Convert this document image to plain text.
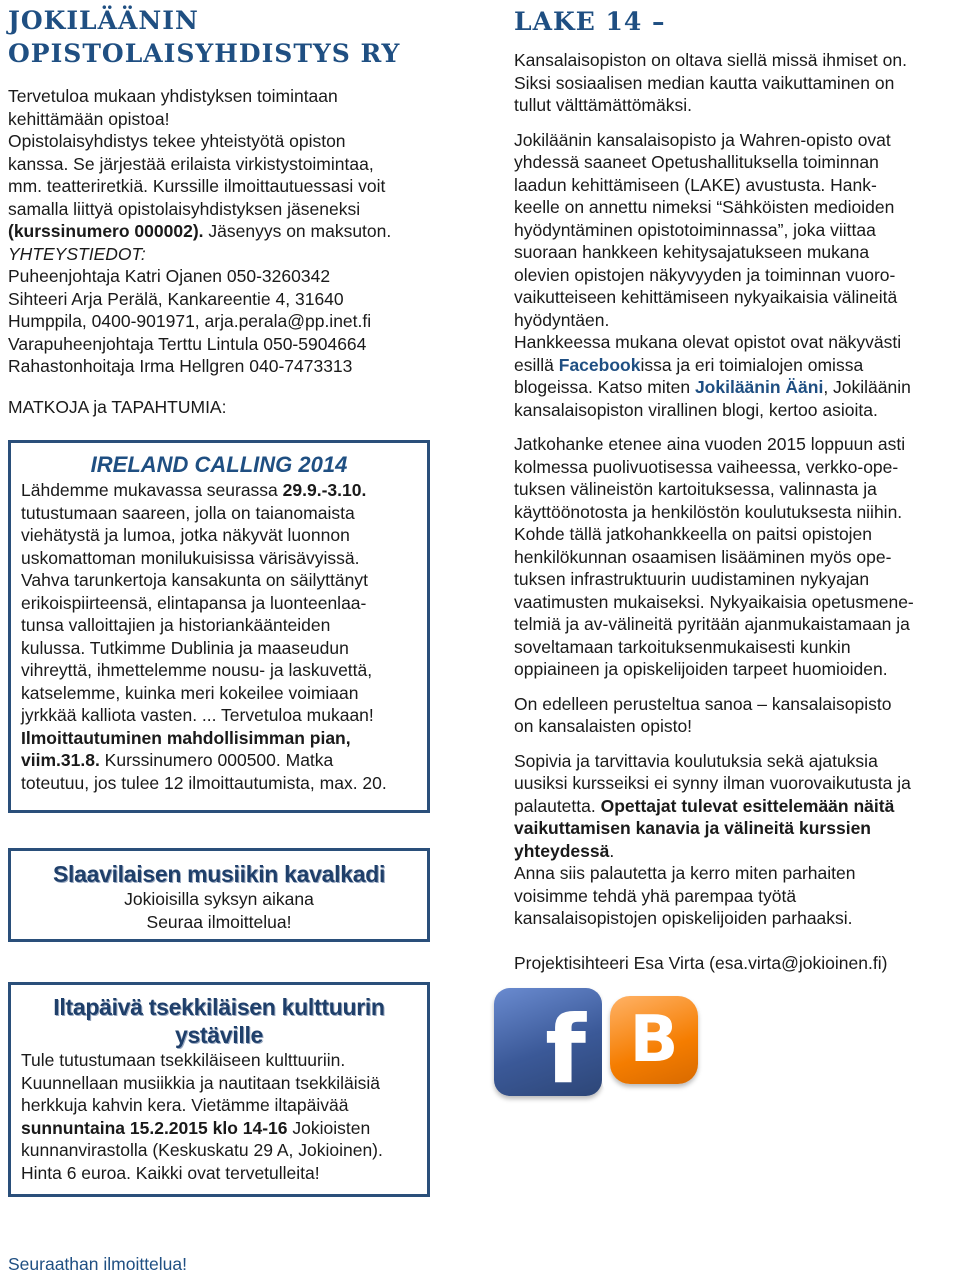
JOKILÄÄNIN
OPISTOLAISYHDISTYS RY

Tervetuloa mukaan yhdistyksen toimintaan

kehittämään opistoa!

Opistolaisyhdistys tekee yhteistyötä opiston

kanssa. Se järjestää erilaista virkistystoimintaa,

mm. teatteriretkiä. Kurssille ilmoittautuessasi voit

samalla liittyä opistolaisyhdistyksen jäseneksi

(kurssinumero 000002). Jäsenyys on maksuton.

YHTEYSTIEDOT:

Puheenjohtaja Katri Ojanen 050-3260342

Sihteeri Arja Perälä, Kankareentie 4, 31640

Humppila, 0400-901971, arja.perala@pp.inet.fi

Varapuheenjohtaja Terttu Lintula 050-5904664

Rahastonhoitaja Irma Hellgren 040-7473313

MATKOJA ja TAPAHTUMIA:

IRELAND CALLING 2014

Lähdemme mukavassa seurassa 29.9.-3.10.

tutustumaan saareen, jolla on taianomaista

viehätystä ja lumoa, jotka näkyvät luonnon

uskomattoman monilukuisissa värisävyissä.

Vahva tarunkertoja kansakunta on säilyttänyt

erikoispiirteensä, elintapansa ja luonteenlaa-

tunsa valloittajien ja historiankäänteiden

kulussa. Tutkimme Dublinia ja maaseudun

vihreyttä, ihmettelemme nousu- ja laskuvettä,

katselemme, kuinka meri kokeilee voimiaan

jyrkkää kalliota vasten. ... Tervetuloa mukaan!

Ilmoittautuminen mahdollisimman pian,

viim.31.8. Kurssinumero 000500. Matka

toteutuu, jos tulee 12 ilmoittautumista, max. 20.

Slaavilaisen musiikin kavalkadi

Jokioisilla syksyn aikana

Seuraa ilmoittelua!

Iltapäivä tsekkiläisen kulttuurin
ystäville

Tule tutustumaan tsekkiläiseen kulttuuriin.

Kuunnellaan musiikkia ja nautitaan tsekkiläisiä

herkkuja kahvin kera. Vietämme iltapäivää

sunnuntaina 15.2.2015 klo 14-16 Jokioisten

kunnanvirastolla (Keskuskatu 29 A, Jokioinen).

Hinta 6 euroa. Kaikki ovat tervetulleita!

Seuraathan ilmoittelua!
LAKE 14 –

Kansalaisopiston on oltava siellä missä ihmiset on.

Siksi sosiaalisen median kautta vaikuttaminen on

tullut välttämättömäksi.

Jokiläänin kansalaisopisto ja Wahren-opisto ovat

yhdessä saaneet Opetushallituksella toiminnan

laadun kehittämiseen (LAKE) avustusta. Hank-

keelle on annettu nimeksi “Sähköisten medioiden

hyödyntäminen opistotoiminnassa”, joka viittaa

suoraan hankkeen kehitysajatukseen mukana

olevien opistojen näkyvyyden ja toiminnan vuoro-

vaikutteiseen kehittämiseen nykyaikaisia välineitä

hyödyntäen.

Hankkeessa mukana olevat opistot ovat näkyvästi

esillä Facebookissa ja eri toimialojen omissa

blogeissa. Katso miten Jokiläänin Ääni, Jokiläänin

kansalaisopiston virallinen blogi, kertoo asioita.

Jatkohanke etenee aina vuoden 2015 loppuun asti

kolmessa puolivuotisessa vaiheessa, verkko-ope-

tuksen välineistön kartoituksessa, valinnasta ja

käyttöönotosta ja henkilöstön koulutuksesta niihin.

Kohde tällä jatkohankkeella on paitsi opistojen

henkilökunnan osaamisen lisääminen myös ope-

tuksen infrastruktuurin uudistaminen nykyajan

vaatimusten mukaiseksi. Nykyaikaisia opetusmene-

telmiä ja av-välineitä pyritään ajanmukaistamaan ja

soveltamaan tarkoituksenmukaisesti kunkin

oppiaineen ja opiskelijoiden tarpeet huomioiden.

On edelleen perusteltua sanoa – kansalaisopisto

on kansalaisten opisto!

Sopivia ja tarvittavia koulutuksia sekä ajatuksia

uusiksi kursseiksi ei synny ilman vuorovaikutusta ja

palautetta. Opettajat tulevat esittelemään näitä

vaikuttamisen kanavia ja välineitä kurssien

yhteydessä.

Anna siis palautetta ja kerro miten parhaiten

voisimme tehdä yhä parempaa työtä

kansalaisopistojen opiskelijoiden parhaaksi.

Projektisihteeri Esa Virta (esa.virta@jokioinen.fi)

f B
